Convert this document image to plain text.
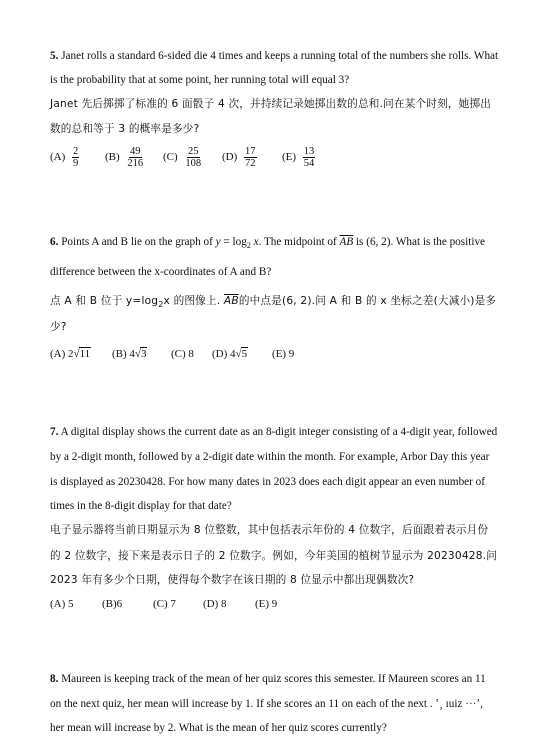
5. Janet rolls a standard 6-sided die 4 times and keeps a running total of the numbers she rolls. What
is the probability that at some point, her running total will equal 3?
Janet 先后掷掷了标准的 6 面骰子 4 次，并持续记录她掷出数的总和.问在某个时刻，她掷出
数的总和等于 3 的概率是多少?
$(A) \frac{2}{9} (B) \frac{49}{216} (C) \frac{25}{108} (D) \frac{17}{72} (E) \frac{13}{54}$
6. Points A and B lie on the graph of $y = \log_2 x$. The midpoint of $\overline{AB}$ is (6, 2). What is the positive
difference between the x-coordinates of A and B?
点 A 和 B 位于 $y=\log_2x$ 的图像上. $\overline{AB}$的中点是(6, 2).问 A 和 B 的 x 坐标之差(大减小)是多
少?
(A) 2√11 (B) 4√3 (C) 8 (D) 4√5 (E) 9
7. A digital display shows the current date as an 8-digit integer consisting of a 4-digit year, followed
by a 2-digit month, followed by a 2-digit date within the month. For example, Arbor Day this year
is displayed as 20230428. For how many dates in 2023 does each digit appear an even number of
times in the 8-digit display for that date?
电子显示器将当前日期显示为 8 位整数，其中包括表示年份的 4 位数字，后面跟着表示月份
的 2 位数字，接下来是表示日子的 2 位数字。例如，今年美国的植树节显示为 20230428.问
2023 年有多少个日期，使得每个数字在该日期的 8 位显示中都出现偶数次?
(A) 5	(B)6	(C) 7 (D) 8	(E) 9
8. Maureen is keeping track of the mean of her quiz scores this semester. If Maureen scores an 11
on the next quiz, her mean will increase by 1. If she scores an 11 on each of the next . ʽ¸ ıuiz ···ʼ,
her mean will increase by 2. What is the mean of her quiz scores currently?
